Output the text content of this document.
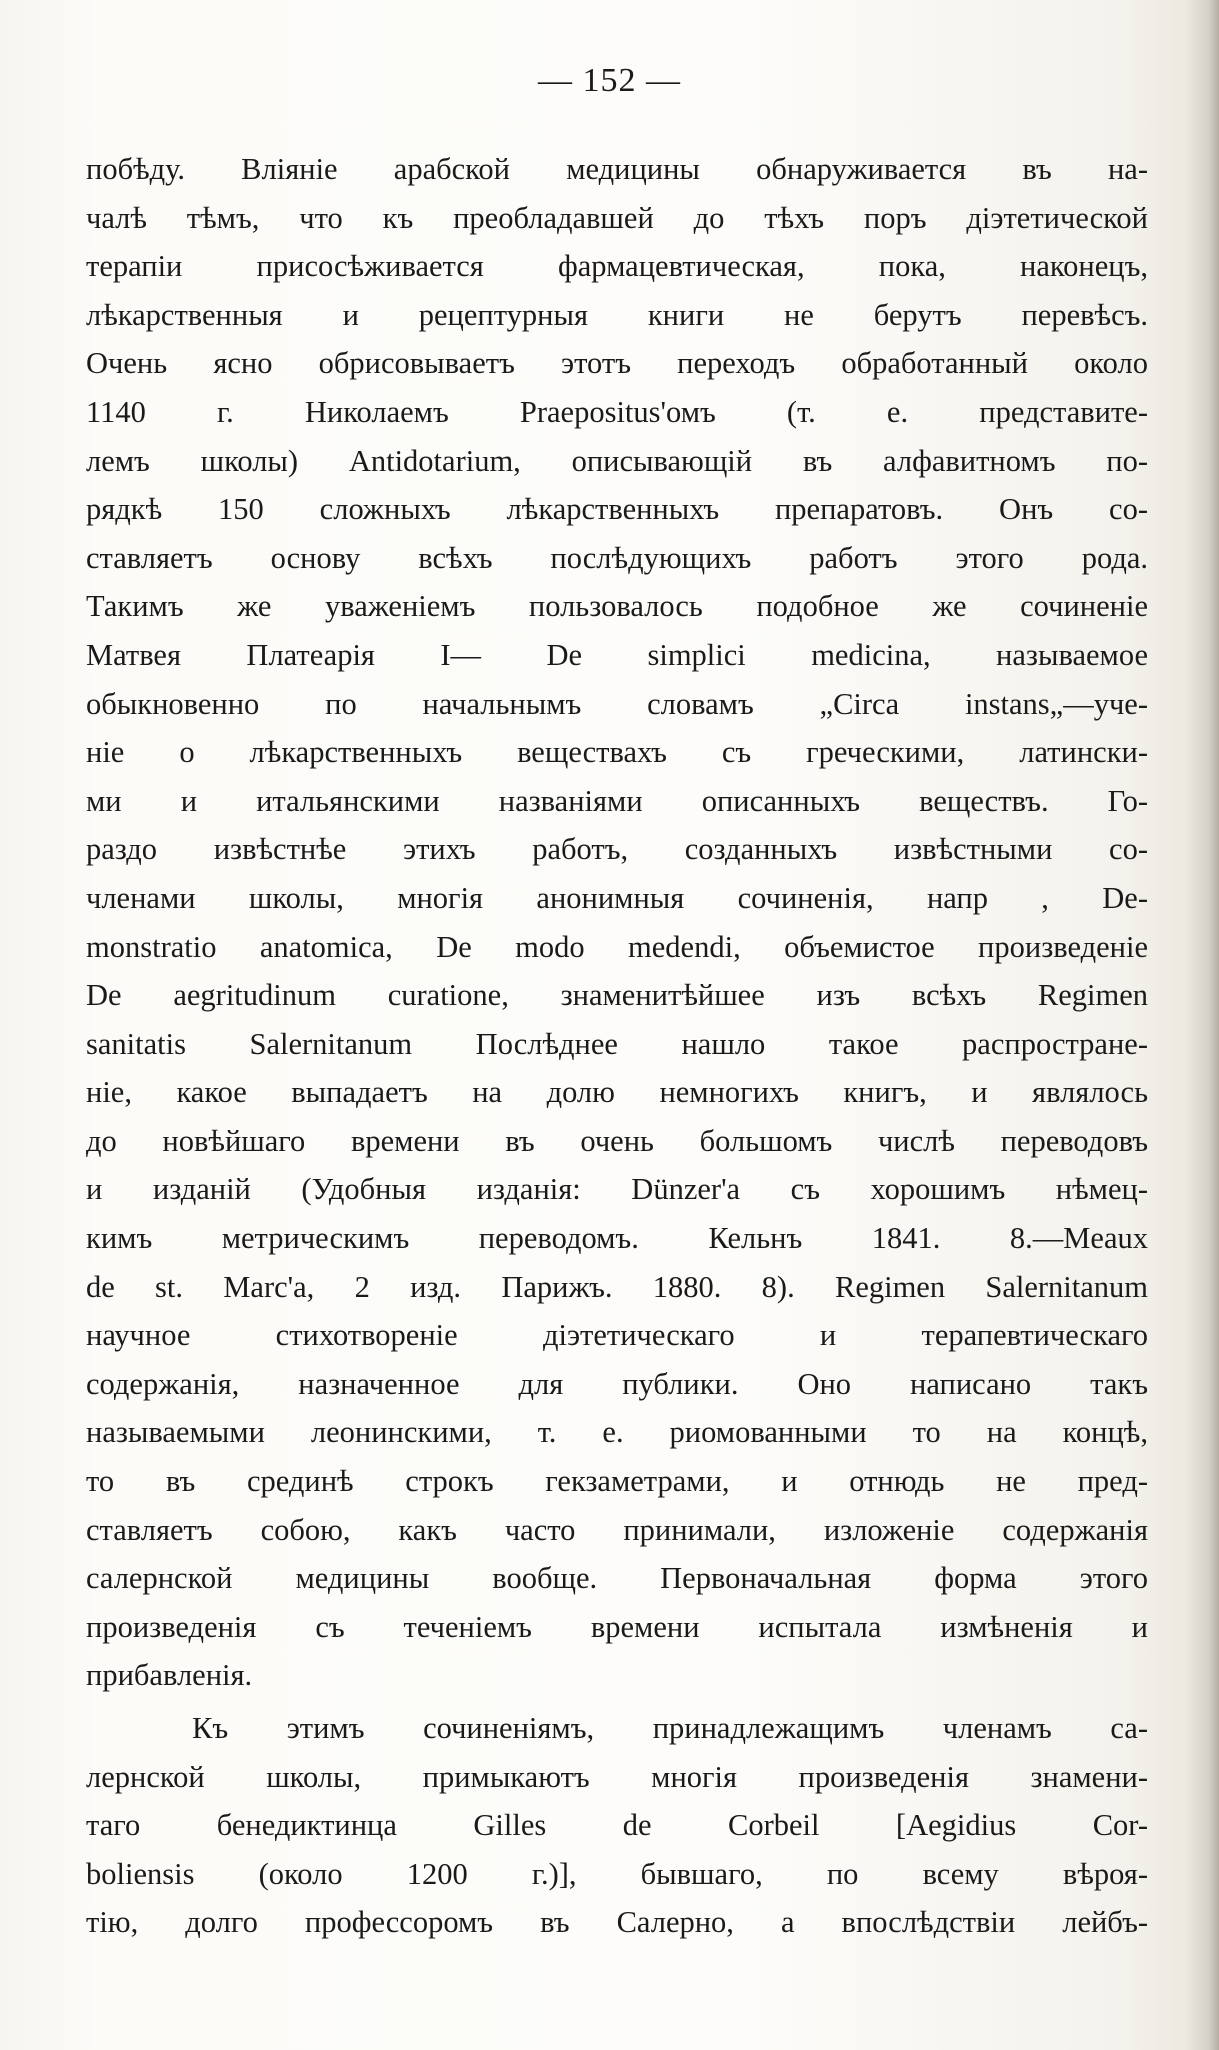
— 152 —
побѣду. Вліяніе арабской медицины обнаруживается въ на-
чалѣ тѣмъ, что къ преобладавшей до тѣхъ поръ діэтетической
терапіи присосѣживается фармацевтическая, пока, наконецъ,
лѣкарственныя и рецептурныя книги не берутъ перевѣсъ.
Очень ясно обрисовываетъ этотъ переходъ обработанный около
1140 г. Николаемъ Praepositus'омъ (т. е. представите-
лемъ школы) Antidotarium, описывающій въ алфавитномъ по-
рядкѣ 150 сложныхъ лѣкарственныхъ препаратовъ. Онъ со-
ставляетъ основу всѣхъ послѣдующихъ работъ этого рода.
Такимъ же уваженіемъ пользовалось подобное же сочиненіе
Матвея Платеарія I— De simplici medicina, называемое
обыкновенно по начальнымъ словамъ „Circa instans„—уче-
ніе о лѣкарственныхъ веществахъ съ греческими, латински-
ми и итальянскими названіями описанныхъ веществъ. Го-
раздо извѣстнѣе этихъ работъ, созданныхъ извѣстными со-
членами школы, многія анонимныя сочиненія, напр , De-
monstratio anatomica, De modo medendi, объемистое произведеніе
De aegritudinum curatione, знаменитѣйшее изъ всѣхъ Regimen
sanitatis Salernitanum Послѣднее нашло такое распростране-
ніе, какое выпадаетъ на долю немногихъ книгъ, и являлось
до новѣйшаго времени въ очень большомъ числѣ переводовъ
и изданій (Удобныя изданія: Dünzer'а съ хорошимъ нѣмец-
кимъ метрическимъ переводомъ. Кельнъ 1841. 8.—Meaux
de st. Marc'а, 2 изд. Парижъ. 1880. 8). Regimen Salernitanum
научное стихотвореніе діэтетическаго и терапевтическаго
содержанія, назначенное для публики. Оно написано такъ
называемыми леонинскими, т. е. риомованными то на концѣ,
то въ срединѣ строкъ гекзаметрами, и отнюдь не пред-
ставляетъ собою, какъ часто принимали, изложеніе содержанія
салернской медицины вообще. Первоначальная форма этого
произведенія съ теченіемъ времени испытала измѣненія и
прибавленія.
Къ этимъ сочиненіямъ, принадлежащимъ членамъ са-
лернской школы, примыкаютъ многія произведенія знамени-
таго бенедиктинца Gilles de Corbeil [Aegidius Cor-
boliensis (около 1200 г.)], бывшаго, по всему вѣроя-
тію, долго профессоромъ въ Салерно, а впослѣдствіи лейбъ-
